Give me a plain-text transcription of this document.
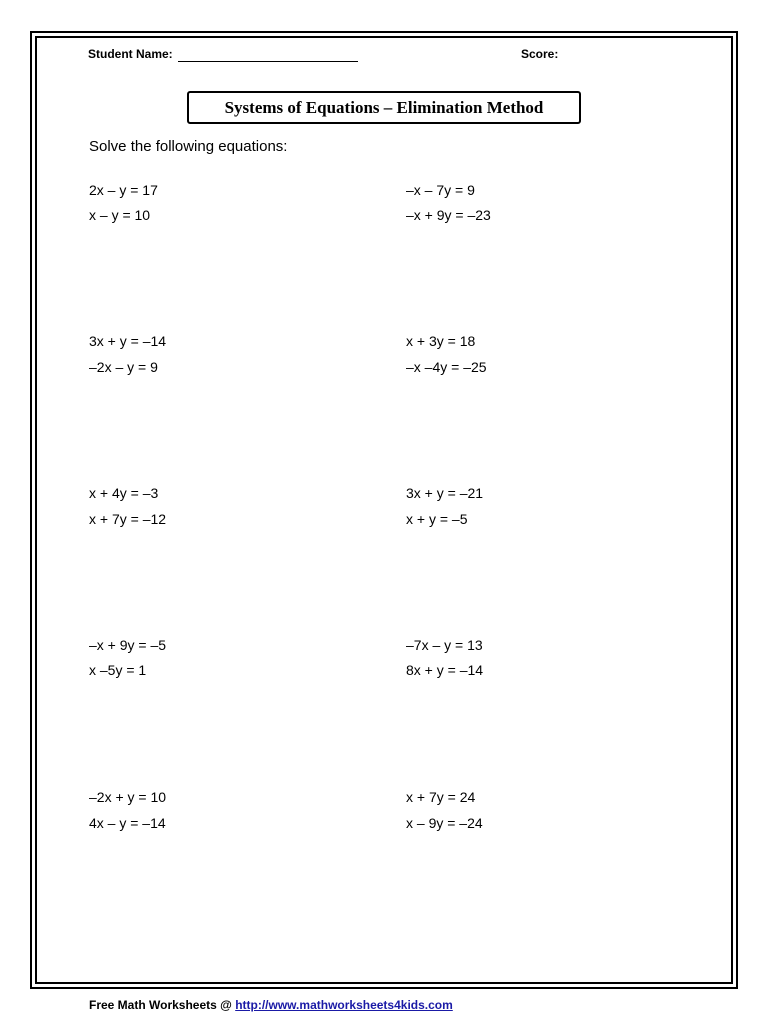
Student Name:	Score:
Systems of Equations – Elimination Method
Solve the following equations:
2x – y = 17
x – y = 10
–x – 7y = 9
–x + 9y = –23
3x + y = –14
–2x – y = 9
x + 3y = 18
–x –4y = –25
x + 4y = –3
x + 7y = –12
3x + y = –21
x + y = –5
–x + 9y = –5
x –5y = 1
–7x – y = 13
8x + y = –14
–2x + y = 10
4x – y = –14
x + 7y = 24
x – 9y = –24
Free Math Worksheets @ http://www.mathworksheets4kids.com
